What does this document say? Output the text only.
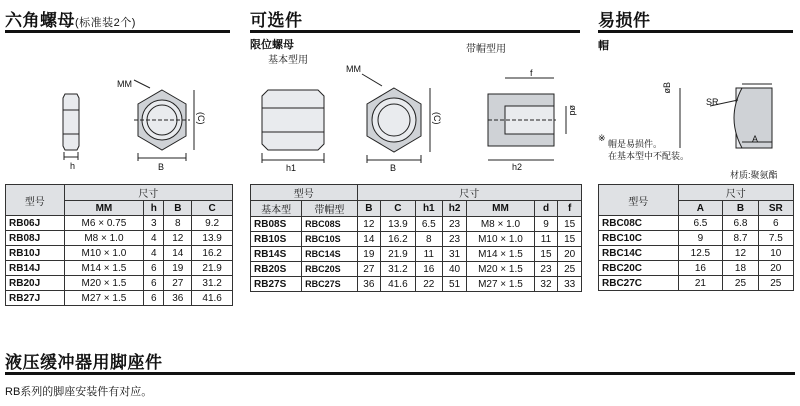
六角螺母(标准装2个)	可选件	易损件
限位螺母
基本型用
带帽型用	帽
MM
h	B
(C)
MM
h1	B
(C)
f
h2
ød
øB
SR
A
※

帽是易损件。
在基本型中不配装。
材质:聚氨酯
型号	尺寸			
	MM	h	B	C
RB06J	M6 × 0.75	3	8	9.2
RB08J	M8 × 1.0	4	12	13.9
RB10J	M10 × 1.0	4	14	16.2
RB14J	M14 × 1.5	6	19	21.9
RB20J	M20 × 1.5	6	27	31.2
RB27J	M27 × 1.5	6	36	41.6
型号		尺寸						
基本型	带帽型	B	C	h1	h2	MM	d	f
RB08S	RBC08S	12	13.9	6.5	23	M8 × 1.0	9	15
RB10S	RBC10S	14	16.2	8	23	M10 × 1.0	11	15
RB14S	RBC14S	19	21.9	11	31	M14 × 1.5	15	20
RB20S	RBC20S	27	31.2	16	40	M20 × 1.5	23	25
RB27S	RBC27S	36	41.6	22	51	M27 × 1.5	32	33
型号	尺寸		
	A	B	SR
RBC08C	6.5	6.8	6
RBC10C	9	8.7	7.5
RBC14C	12.5	12	10
RBC20C	16	18	20
RBC27C	21	25	25
液压缓冲器用脚座件
RB系列的脚座安装件有对应。
